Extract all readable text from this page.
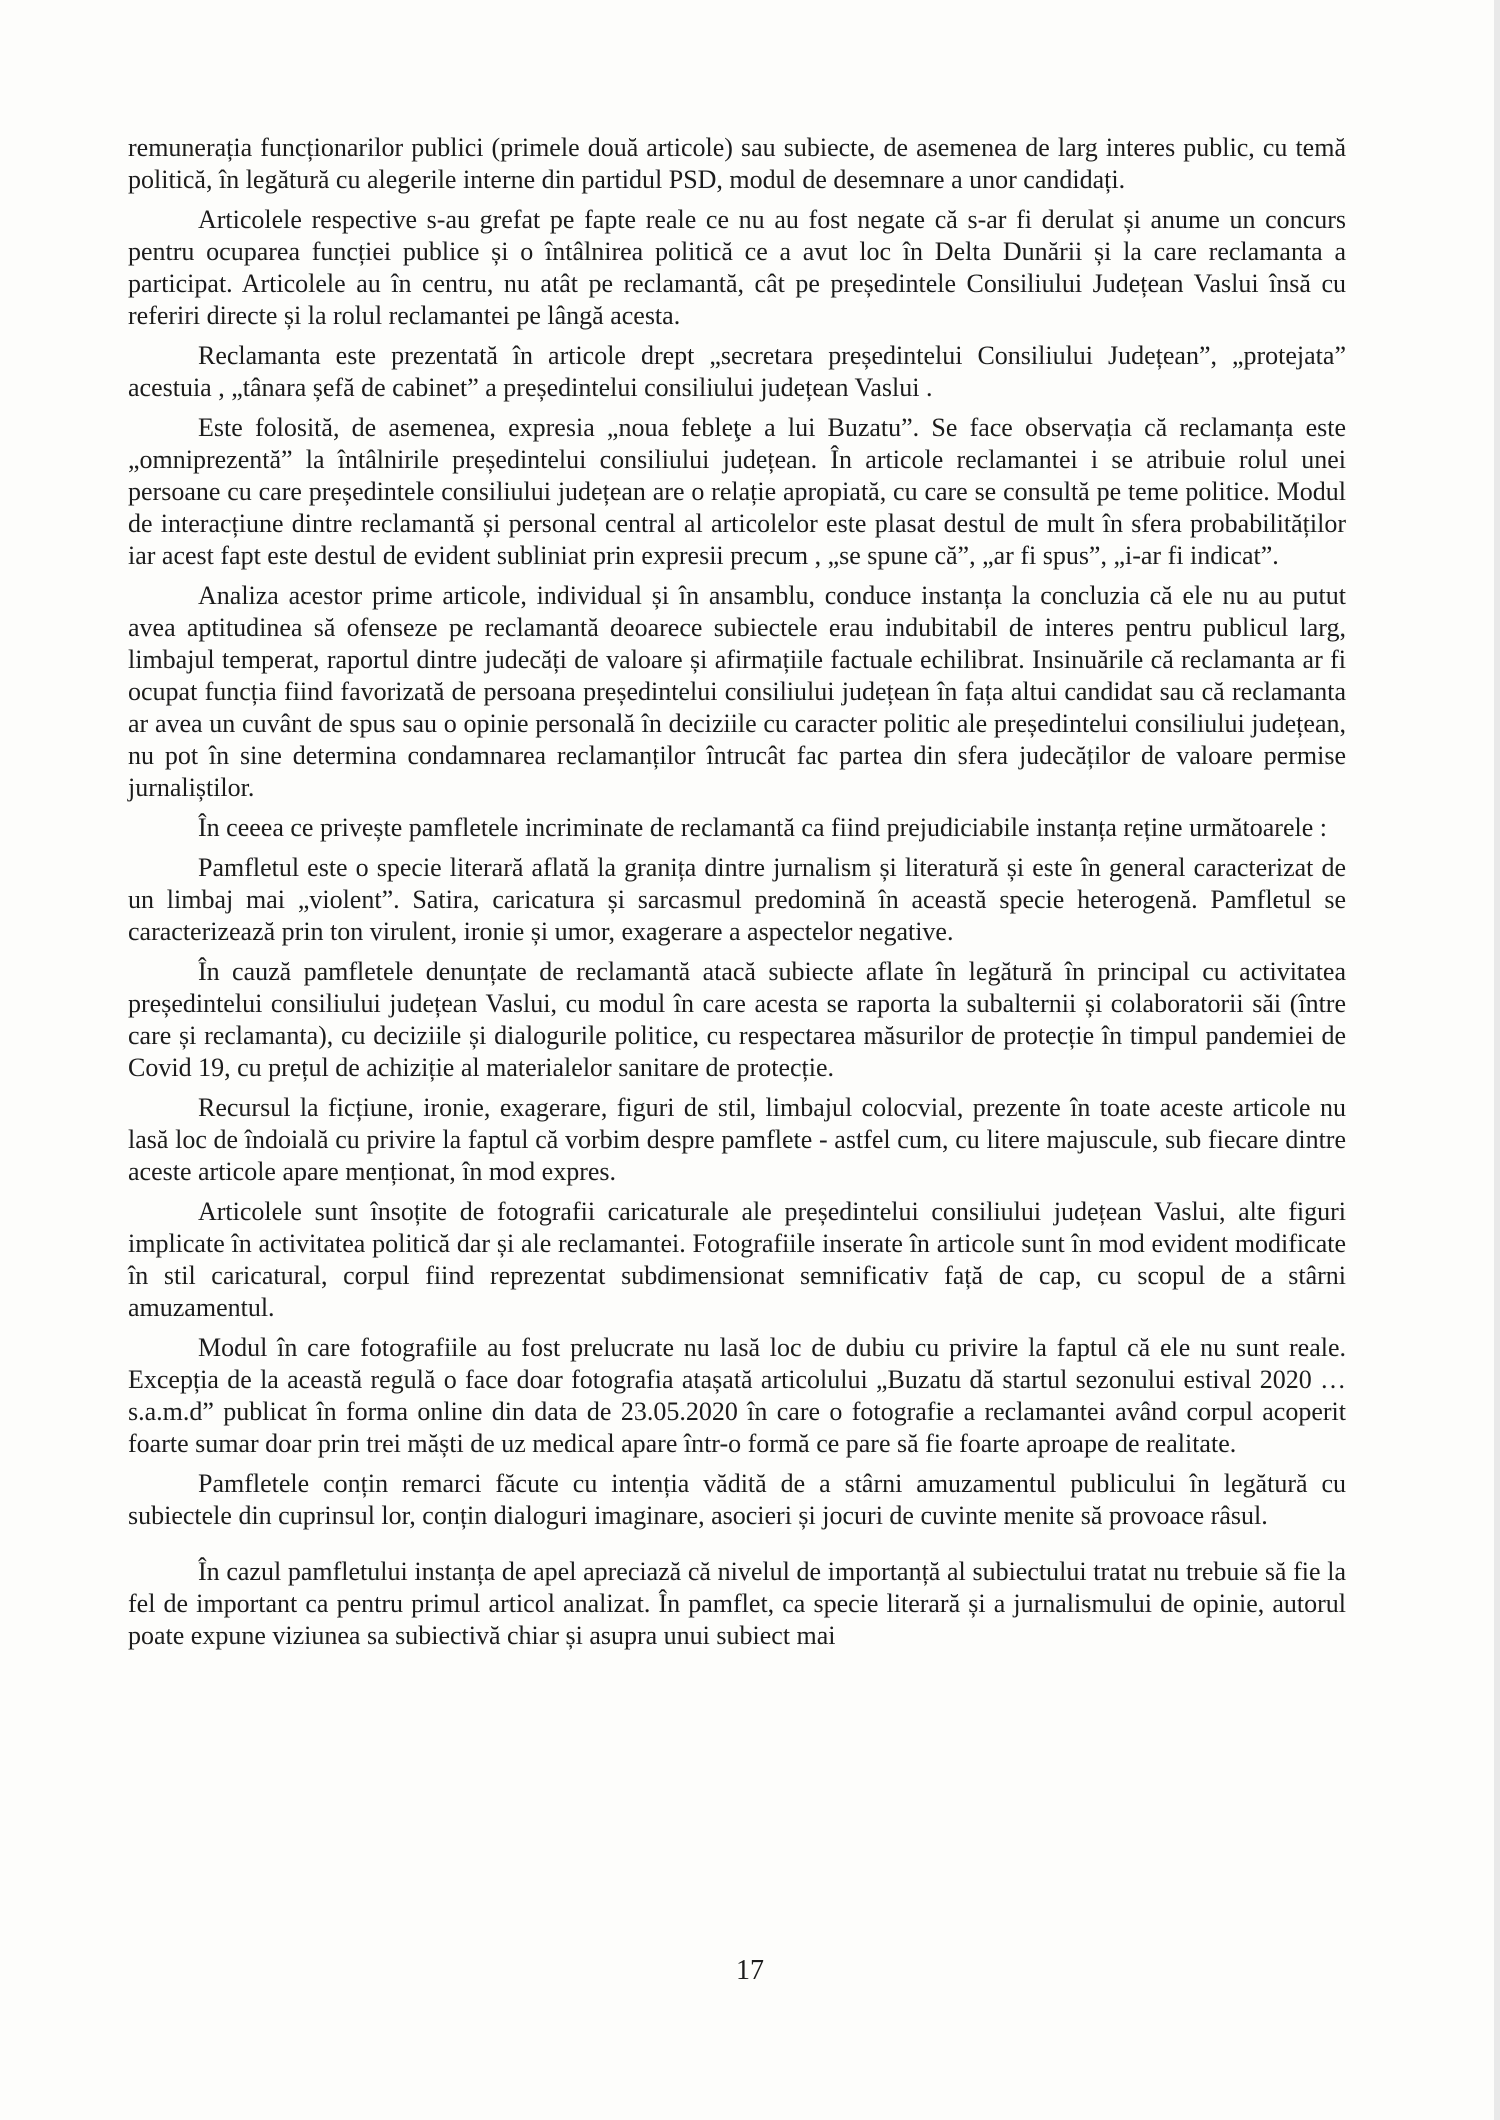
remunerația funcționarilor publici (primele două articole) sau subiecte, de asemenea de larg interes public, cu temă politică, în legătură cu alegerile interne din partidul PSD, modul de desemnare a unor candidați.

Articolele respective s-au grefat pe fapte reale ce nu au fost negate că s-ar fi derulat și anume un concurs pentru ocuparea funcției publice și o întâlnirea politică ce a avut loc în Delta Dunării și la care reclamanta a participat. Articolele au în centru, nu atât pe reclamantă, cât pe președintele Consiliului Județean Vaslui însă cu referiri directe și la rolul reclamantei pe lângă acesta.

Reclamanta este prezentată în articole drept „secretara președintelui Consiliului Județean”, „protejata” acestuia , „tânara șefă de cabinet” a președintelui consiliului județean Vaslui .

Este folosită, de asemenea, expresia „noua febleţe a lui Buzatu”. Se face observația că reclamanța este „omniprezentă” la întâlnirile președintelui consiliului județean. În articole reclamantei i se atribuie rolul unei persoane cu care președintele consiliului județean are o relație apropiată, cu care se consultă pe teme politice. Modul de interacțiune dintre reclamantă și personal central al articolelor este plasat destul de mult în sfera probabilităților iar acest fapt este destul de evident subliniat prin expresii precum , „se spune că”, „ar fi spus”, „i-ar fi indicat”.

Analiza acestor prime articole, individual și în ansamblu, conduce instanța la concluzia că ele nu au putut avea aptitudinea să ofenseze pe reclamantă deoarece subiectele erau indubitabil de interes pentru publicul larg, limbajul temperat, raportul dintre judecăți de valoare și afirmațiile factuale echilibrat. Insinuările că reclamanta ar fi ocupat funcția fiind favorizată de persoana președintelui consiliului județean în fața altui candidat sau că reclamanta ar avea un cuvânt de spus sau o opinie personală în deciziile cu caracter politic ale președintelui consiliului județean, nu pot în sine determina condamnarea reclamanților întrucât fac partea din sfera judecăților de valoare permise jurnaliștilor.

În ceeea ce privește pamfletele incriminate de reclamantă ca fiind prejudiciabile instanța reține următoarele :

Pamfletul este o specie literară aflată la granița dintre jurnalism și literatură și este în general caracterizat de un limbaj mai „violent”. Satira, caricatura și sarcasmul predomină în această specie heterogenă. Pamfletul se caracterizează prin ton virulent, ironie și umor, exagerare a aspectelor negative.

În cauză pamfletele denunțate de reclamantă atacă subiecte aflate în legătură în principal cu activitatea președintelui consiliului județean Vaslui, cu modul în care acesta se raporta la subalternii și colaboratorii săi (între care și reclamanta), cu deciziile și dialogurile politice, cu respectarea măsurilor de protecție în timpul pandemiei de Covid 19, cu prețul de achiziție al materialelor sanitare de protecție.

Recursul la ficțiune, ironie, exagerare, figuri de stil, limbajul colocvial, prezente în toate aceste articole nu lasă loc de îndoială cu privire la faptul că vorbim despre pamflete - astfel cum, cu litere majuscule, sub fiecare dintre aceste articole apare menționat, în mod expres.

Articolele sunt însoțite de fotografii caricaturale ale președintelui consiliului județean Vaslui, alte figuri implicate în activitatea politică dar și ale reclamantei. Fotografiile inserate în articole sunt în mod evident modificate în stil caricatural, corpul fiind reprezentat subdimensionat semnificativ față de cap, cu scopul de a stârni amuzamentul.

Modul în care fotografiile au fost prelucrate nu lasă loc de dubiu cu privire la faptul că ele nu sunt reale. Excepția de la această regulă o face doar fotografia atașată articolului „Buzatu dă startul sezonului estival 2020 …s.a.m.d” publicat în forma online din data de 23.05.2020 în care o fotografie a reclamantei având corpul acoperit foarte sumar doar prin trei măști de uz medical apare într-o formă ce pare să fie foarte aproape de realitate.

Pamfletele conțin remarci făcute cu intenția vădită de a stârni amuzamentul publicului în legătură cu subiectele din cuprinsul lor, conțin dialoguri imaginare, asocieri și jocuri de cuvinte menite să provoace râsul.

În cazul pamfletului instanța de apel apreciază că nivelul de importanță al subiectului tratat nu trebuie să fie la fel de important ca pentru primul articol analizat. În pamflet, ca specie literară și a jurnalismului de opinie, autorul poate expune viziunea sa subiectivă chiar și asupra unui subiect mai

17
